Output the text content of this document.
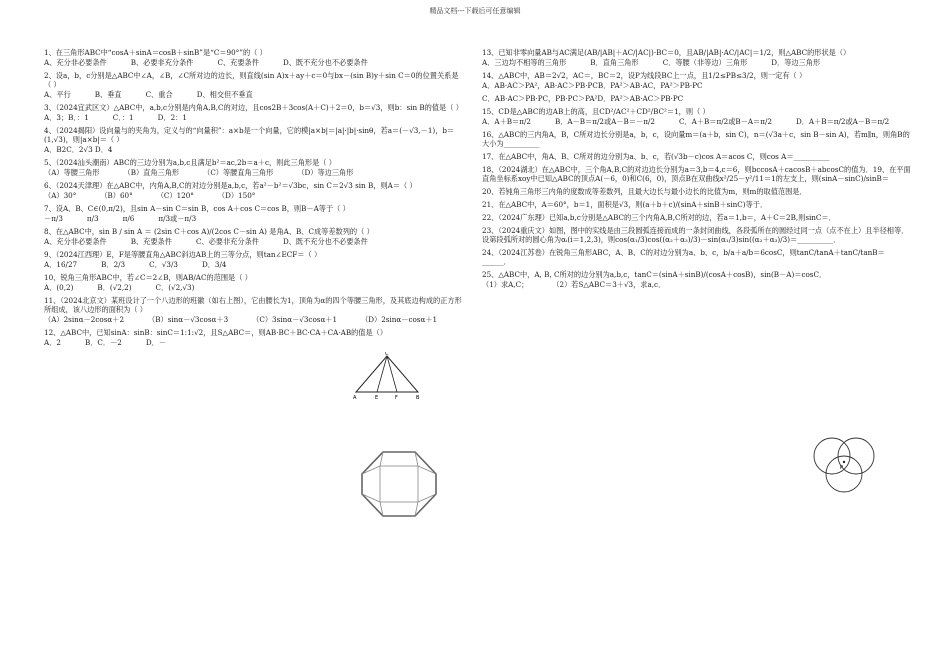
精品文档---下载后可任意编辑
1、在三角形ABC中“cosA＋sinA＝cosB＋sinB”是“C＝90°”的（ ）
A、充分非必要条件	B、必要非充分条件	C、充要条件	D、既不充分也不必要条件
2、设a，b，c分别是△ABC中∠A，∠B，∠C所对边的边长，则直线(sin A)x＋ay＋c＝0与bx－(sin B)y＋sin C＝0的位置关系是（ ）
A、平行	B、垂直	C、重合	D、相交但不垂直
3、（2024宜武区文）△ABC中，a,b,c分别是内角A,B,C的对边，且cos2B＋3cos(A＋C)＋2＝0，b＝√3，则b：sin B的值是（ ）
A．3；B．：1	C．：1	D．2：1
4、（2024揭阳）设向量与的夹角为，定义与的“向量积”：a×b是一个向量，它的模|a×b|＝|a|·|b|·sinθ，若a＝(－√3,－1)，b＝(1,√3)，则|a×b|＝（ ）
A．B2C．2√3 D．4
5、（2024汕头潮南）ABC的三边分别为a,b,c且满足b²＝ac,2b＝a＋c，则此三角形是（ ）
（A）等腰三角形	（B）直角三角形	（C）等腰直角三角形	（D）等边三角形
6、（2024天津理）在△ABC中，内角A,B,C的对边分别是a,b,c，若a²－b²＝√3bc，sin C＝2√3 sin B，则A＝（ ）
（A）30°	（B）60°	（C）120°	（D）150°
7、设A、B、C∈(0,π/2)，且sin A－sin C＝sin B，cos A＋cos C＝cos B，则B－A等于（ ）
－π/3	π/3	π/6	π/3或－π/3
8、在△ABC中，sin B / sin A ＝ (2sin C＋cos A)/(2cos C－sin A) 是角A、B、C成等差数列的（ ）
A、充分非必要条件	B、充要条件	C、必要非充分条件	D、既不充分也不必要条件
9、（2024江西理）E，F是等腰直角△ABC斜边AB上的三等分点，则tan∠ECF＝（ ）
A．16/27	B．2/3	C．√3/3	D．3/4
10、锐角三角形ABC中，若∠C＝2∠B，则AB/AC的范围是（ ）
A．(0,2)	B．(√2,2)	C．(√2,√3)
11、（2024北京文）某班设计了一个八边形的班徽（如右上图），它由腰长为1，顶角为α的四个等腰三角形，及其底边构成的正方形所组成，该八边形的面积为（ ）
（A）2sinα－2cosα＋2	（B）sinα－√3cosα＋3	（C）3sinα－√3cosα＋1	（D）2sinα－cosα＋1
12、△ABC中，已知sinA：sinB：sinC＝1:1:√2，且S△ABC＝，则AB·BC＋BC·CA＋CA·AB的值是（）
A．2	B．C．－2	D．－
13、已知非零向量AB与AC满足(AB/|AB|＋AC/|AC|)·BC＝0，且AB/|AB|·AC/|AC|＝1/2，则△ABC的形状是（）
A．三边均不相等的三角形	B．直角三角形	C．等腰（非等边）三角形	D．等边三角形
14、△ABC中，AB＝2√2，AC＝，BC＝2，设P为线段BC上一点，且1/2≤PB≤3/2，则一定有（ ）
A．AB·AC＞PA²，AB·AC＞PB·PCB．PA²＞AB·AC，PA²＞PB·PC
C．AB·AC＞PB·PC，PB·PC＞PA²D．PA²＞AB·AC＞PB·PC
15、CD是△ABC的边AB上的高，且CD²/AC²＋CD²/BC²＝1，则（ ）
A．A＋B＝π/2	B．A－B＝π/2或A－B＝－π/2	C．A＋B＝π/2或B－A＝π/2	D．A＋B＝π/2或A－B＝π/2
16、△ABC的三内角A，B，C所对边长分别是a，b，c，设向量m＝(a＋b，sin C)，n＝(√3a＋c，sin B－sin A)，若m∥n，则角B的大小为__________
17、在△ABC中，角A、B、C所对的边分别为a、b、c，若(√3b－c)cos A＝acos C，则cos A＝__________
18、（2024湖北）在△ABC中，三个角A,B,C的对边边长分别为a＝3,b＝4,c＝6，则bccosA＋cacosB＋abcosC的值为．19、在平面直角坐标系xoy中已知△ABC的顶点A(－6，0)和C(6，0)，顶点B在双曲线x²/25－y²/11＝1的左支上，则(sinA－sinC)/sinB＝
20、若钝角三角形三内角的度数成等差数列，且最大边长与最小边长的比值为m，则m的取值范围是．
21、在△ABC中，A＝60°，b＝1，面积是√3，则(a＋b＋c)/(sinA＋sinB＋sinC)等于．
22、（2024广东理）已知a,b,c分别是△ABC的三个内角A,B,C所对的边，若a＝1,b＝，A＋C＝2B,则sinC＝．
23、（2024重庆文）如图，图中的实线是由三段圆弧连接而成的一条封闭曲线，各段弧所在的圆经过同一点（点不在上）且半径相等．设第段弧所对的圆心角为αᵢ(i＝1,2,3)，则cos(α₁/3)cos((α₂＋α₃)/3)－sin(α₁/3)sin((α₂＋α₃)/3)＝__________．
24、（2024江苏卷）在锐角三角形ABC，A、B、C的对边分别为a、b、c，b/a＋a/b＝6cosC，则tanC/tanA＋tanC/tanB＝______．
25、△ABC中，A, B, C所对的边分别为a,b,c，tanC＝(sinA＋sinB)/(cosA＋cosB)，sin(B－A)＝cosC．
（1）求A,C；	（2）若S△ABC＝3＋√3，求a,c．
A	E	F	B
C
P
